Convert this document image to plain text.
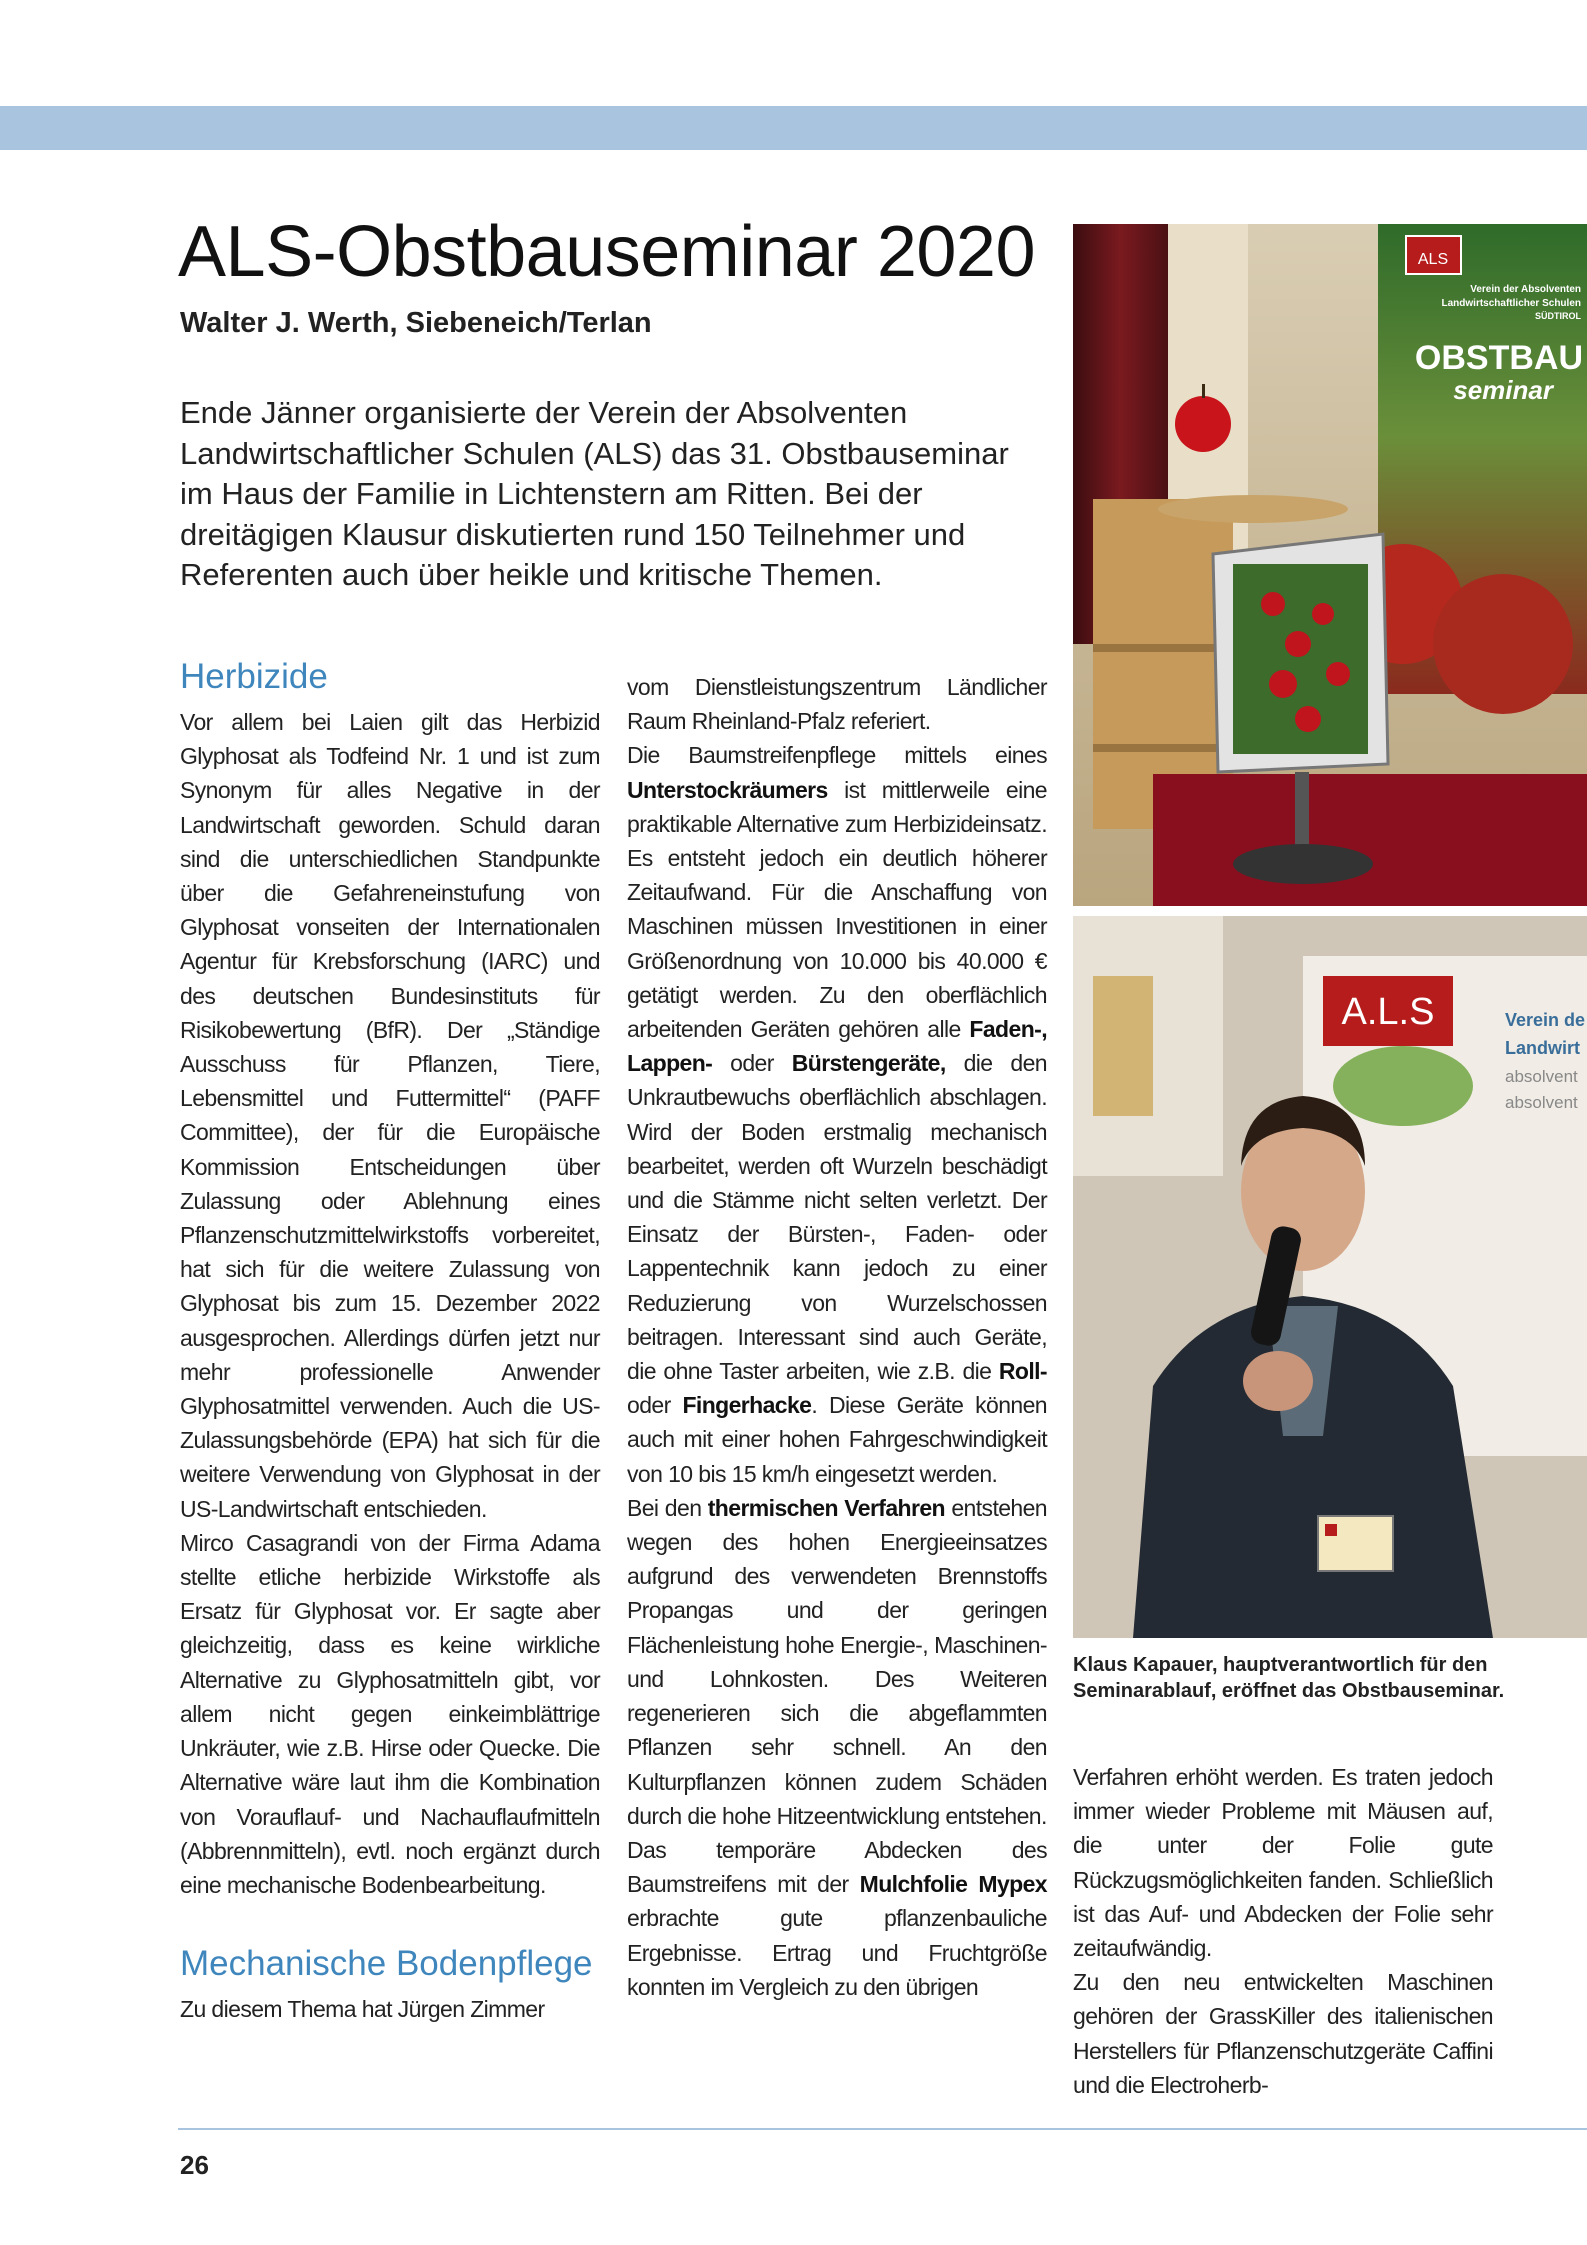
ALS-Obstbauseminar 2020
Walter J. Werth, Siebeneich/Terlan
Ende Jänner organisierte der Verein der Absolventen Landwirtschaftlicher Schulen (ALS) das 31. Obstbauseminar im Haus der Familie in Lichtenstern am Ritten. Bei der dreitägigen Klausur diskutierten rund 150 Teilnehmer und Referenten auch über heikle und kritische Themen.
Herbizide

Vor allem bei Laien gilt das Herbizid Glyphosat als Todfeind Nr. 1 und ist zum Synonym für alles Negative in der Landwirtschaft geworden. Schuld daran sind die unterschiedlichen Standpunkte über die Gefahreneinstufung von Glyphosat vonseiten der Internationalen Agentur für Krebsforschung (IARC) und des deutschen Bundesinstituts für Risikobewertung (BfR). Der „Ständige Ausschuss für Pflanzen, Tiere, Lebensmittel und Futtermittel“ (PAFF Committee), der für die Europäische Kommission Entscheidungen über Zulassung oder Ablehnung eines Pflanzenschutzmittelwirkstoffs vorbereitet, hat sich für die weitere Zulassung von Glyphosat bis zum 15. Dezember 2022 ausgesprochen. Allerdings dürfen jetzt nur mehr professionelle Anwender Glyphosatmittel verwenden. Auch die US-Zulassungsbehörde (EPA) hat sich für die weitere Verwendung von Glyphosat in der US-Landwirtschaft entschieden.

Mirco Casagrandi von der Firma Adama stellte etliche herbizide Wirkstoffe als Ersatz für Glyphosat vor. Er sagte aber gleichzeitig, dass es keine wirkliche Alternative zu Glyphosatmitteln gibt, vor allem nicht gegen einkeimblättrige Unkräuter, wie z.B. Hirse oder Quecke. Die Alternative wäre laut ihm die Kombination von Vorauflauf- und Nachauflaufmitteln (Abbrennmitteln), evtl. noch ergänzt durch eine mechanische Bodenbearbeitung.

Mechanische Bodenpflege

Zu diesem Thema hat Jürgen Zimmer

vom Dienstleistungszentrum Ländlicher Raum Rheinland-Pfalz referiert.

Die Baumstreifenpflege mittels eines Unterstockräumers ist mittlerweile eine praktikable Alternative zum Herbizideinsatz. Es entsteht jedoch ein deutlich höherer Zeitaufwand. Für die Anschaffung von Maschinen müssen Investitionen in einer Größenordnung von 10.000 bis 40.000 € getätigt werden. Zu den oberflächlich arbeitenden Geräten gehören alle Faden-, Lappen- oder Bürstengeräte, die den Unkrautbewuchs oberflächlich abschlagen. Wird der Boden erstmalig mechanisch bearbeitet, werden oft Wurzeln beschädigt und die Stämme nicht selten verletzt. Der Einsatz der Bürsten-, Faden- oder Lappentechnik kann jedoch zu einer Reduzierung von Wurzelschossen beitragen. Interessant sind auch Geräte, die ohne Taster arbeiten, wie z.B. die Roll- oder Fingerhacke. Diese Geräte können auch mit einer hohen Fahrgeschwindigkeit von 10 bis 15 km/h eingesetzt werden.

Bei den thermischen Verfahren entstehen wegen des hohen Energieeinsatzes aufgrund des verwendeten Brennstoffs Propangas und der geringen Flächenleistung hohe Energie-, Maschinen- und Lohnkosten. Des Weiteren regenerieren sich die abgeflammten Pflanzen sehr schnell. An den Kulturpflanzen können zudem Schäden durch die hohe Hitzeentwicklung entstehen.

Das temporäre Abdecken des Baumstreifens mit der Mulchfolie Mypex erbrachte gute pflanzenbauliche Ergebnisse. Ertrag und Fruchtgröße konnten im Vergleich zu den übrigen

ALS
Verein der Absolventen
Landwirtschaftlicher Schulen
SÜDTIROL
OBSTBAU
seminar
A.L.S	Verein de
Landwirt
absolvent
absolvent
Klaus Kapauer, hauptverantwortlich für den Seminarablauf, eröffnet das Obstbauseminar.

Verfahren erhöht werden. Es traten jedoch immer wieder Probleme mit Mäusen auf, die unter der Folie gute Rückzugsmöglichkeiten fanden. Schließlich ist das Auf- und Abdecken der Folie sehr zeitaufwändig.

Zu den neu entwickelten Maschinen gehören der GrassKiller des italienischen Herstellers für Pflanzenschutzgeräte Caffini und die Electroherb-

26
